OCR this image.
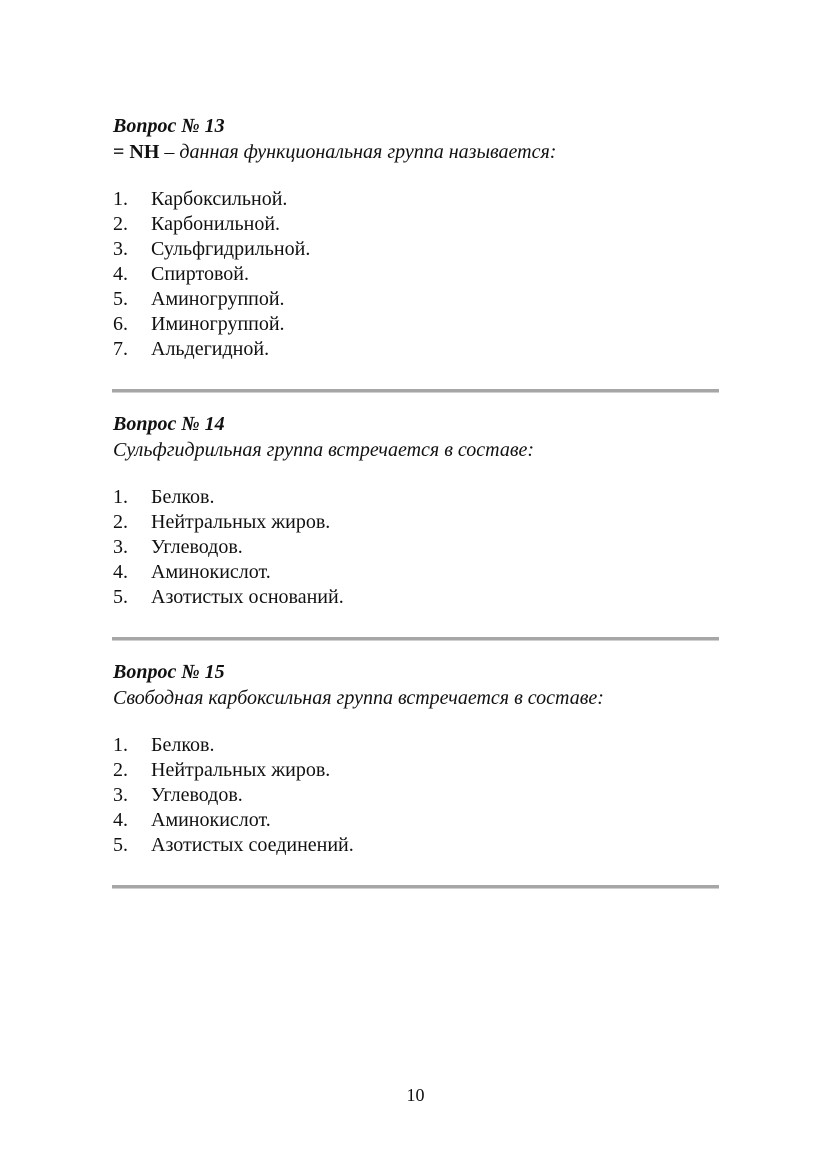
Вопрос № 13

= NH – данная функциональная группа называется:

1.	Карбоксильной.
2.	Карбонильной.
3.	Сульфгидрильной.
4.	Спиртовой.
5.	Аминогруппой.
6.	Иминогруппой.
7.	Альдегидной.

Вопрос № 14

Сульфгидрильная группа встречается в составе:

1.	Белков.
2.	Нейтральных жиров.
3.	Углеводов.
4.	Аминокислот.
5.	Азотистых оснований.

Вопрос № 15

Свободная карбоксильная группа встречается в составе:

1.	Белков.
2.	Нейтральных жиров.
3.	Углеводов.
4.	Аминокислот.
5.	Азотистых соединений.
10
